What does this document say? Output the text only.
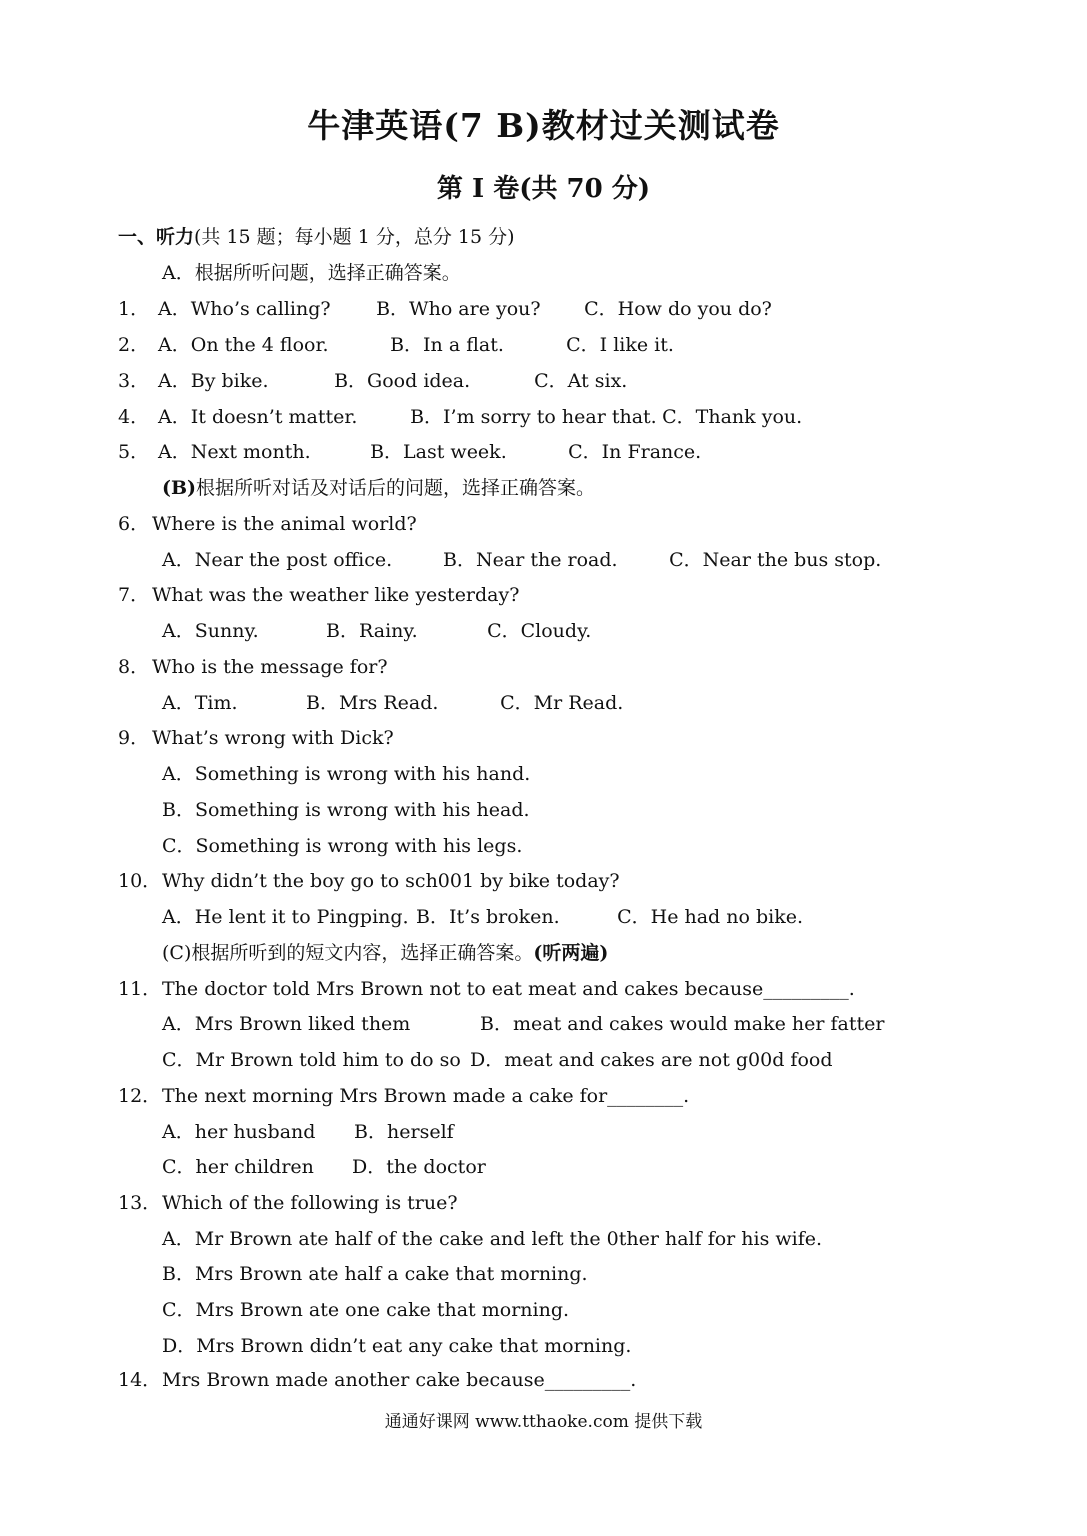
牛津英语(7 B)教材过关测试卷
第 I 卷(共 70 分)
一、听力(共 15 题；每小题 1 分，总分 15 分)
A．根据所听问题，选择正确答案。
1． A．Who’s calling? B．Who are you? C．How do you do?
2． A．On the 4 floor.	B．In a flat.	C．I like it.
3． A．By bike.	B．Good idea.	C．At six.
4． A．It doesn’t matter.	B．I’m sorry to hear that. C．Thank you.
5． A．Next month.	B．Last week.	C．In France.
(B)根据所听对话及对话后的问题，选择正确答案。
6． Where is the animal world?
A．Near the post office.	B．Near the road.	C．Near the bus stop.
7． What was the weather like yesterday?
A．Sunny.	B．Rainy.	C．Cloudy.
8． Who is the message for?
A．Tim.	B．Mrs Read.	C．Mr Read.
9． What’s wrong with Dick?
A．Something is wrong with his hand.
B．Something is wrong with his head.
C．Something is wrong with his legs.
10．Why didn’t the boy go to sch001 by bike today?
A．He lent it to Pingping． B．It’s broken.	C．He had no bike.
(C)根据所听到的短文内容，选择正确答案。(听两遍)
11．The doctor told Mrs Brown not to eat meat and cakes because_________.
A．Mrs Brown liked them	B．meat and cakes would make her fatter
C．Mr Brown told him to do so D．meat and cakes are not g00d food
12．The next morning Mrs Brown made a cake for________.
A．her husband B．herself
C．her children D．the doctor
13．Which of the following is true?
A．Mr Brown ate half of the cake and left the 0ther half for his wife.
B．Mrs Brown ate half a cake that morning.
C．Mrs Brown ate one cake that morning.
D．Mrs Brown didn’t eat any cake that morning.
14．Mrs Brown made another cake because_________.
通通好课网 www.tthaoke.com 提供下载
